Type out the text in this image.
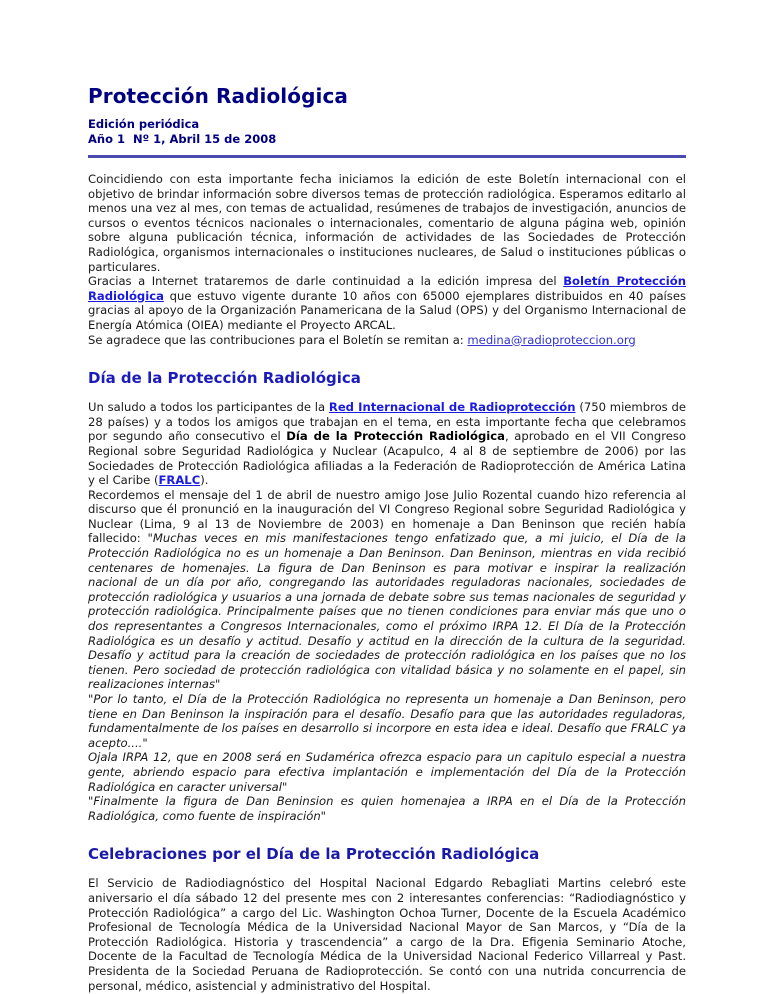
Protección Radiológica
Edición periódica
Año 1  Nº 1, Abril 15 de 2008

Coincidiendo con esta importante fecha iniciamos la edición de este Boletín internacional con el objetivo de brindar información sobre diversos temas de protección radiológica. Esperamos editarlo al menos una vez al mes, con temas de actualidad, resúmenes de trabajos de investigación, anuncios de cursos o eventos técnicos nacionales o internacionales, comentario de alguna página web, opinión sobre alguna publicación técnica, información de actividades de las Sociedades de Protección Radiológica, organismos internacionales o instituciones nucleares, de Salud o instituciones públicas o particulares.

Gracias a Internet trataremos de darle continuidad a la edición impresa del Boletín Protección Radiológica que estuvo vigente durante 10 años con 65000 ejemplares distribuidos en 40 países gracias al apoyo de la Organización Panamericana de la Salud (OPS) y del Organismo Internacional de Energía Atómica (OIEA) mediante el Proyecto ARCAL.

Se agradece que las contribuciones para el Boletín se remitan a: medina@radioproteccion.org

Día de la Protección Radiológica

Un saludo a todos los participantes de la Red Internacional de Radioprotección (750 miembros de 28 países) y a todos los amigos que trabajan en el tema, en esta importante fecha que celebramos por segundo año consecutivo el Día de la Protección Radiológica, aprobado en el VII Congreso Regional sobre Seguridad Radiológica y Nuclear (Acapulco, 4 al 8 de septiembre de 2006) por las Sociedades de Protección Radiológica afiliadas a la Federación de Radioprotección de América Latina y el Caribe (FRALC).

Recordemos el mensaje del 1 de abril de nuestro amigo Jose Julio Rozental cuando hizo referencia al discurso que él pronunció en la inauguración del VI Congreso Regional sobre Seguridad Radiológica y Nuclear (Lima, 9 al 13 de Noviembre de 2003) en homenaje a Dan Beninson que recién había fallecido: "Muchas veces en mis manifestaciones tengo enfatizado que, a mi juicio, el Día de la Protección Radiológica no es un homenaje a Dan Beninson. Dan Beninson, mientras en vida recibió centenares de homenajes. La figura de Dan Beninson es para motivar e inspirar la realización nacional de un día por año, congregando las autoridades reguladoras nacionales, sociedades de protección radiológica y usuarios a una jornada de debate sobre sus temas nacionales de seguridad y protección radiológica. Principalmente países que no tienen condiciones para enviar más que uno o dos representantes a Congresos Internacionales, como el próximo IRPA 12. El Día de la Protección Radiológica es un desafío y actitud. Desafío y actitud en la dirección de la cultura de la seguridad. Desafío y actitud para la creación de sociedades de protección radiológica en los países que no los tienen. Pero sociedad de protección radiológica con vitalidad básica y no solamente en el papel, sin realizaciones internas"

"Por lo tanto, el Día de la Protección Radiológica no representa un homenaje a Dan Beninson, pero tiene en Dan Beninson la inspiración para el desafío. Desafío para que las autoridades reguladoras, fundamentalmente de los países en desarrollo si incorpore en esta idea e ideal. Desafío que FRALC ya acepto...."

Ojala IRPA 12, que en 2008 será en Sudamérica ofrezca espacio para un capitulo especial a nuestra gente, abriendo espacio para efectiva implantación e implementación del Día de la Protección Radiológica en caracter universal"

"Finalmente la figura de Dan Beninsion es quien homenajea a IRPA en el Día de la Protección Radiológica, como fuente de inspiración"

Celebraciones por el Día de la Protección Radiológica

El Servicio de Radiodiagnóstico del Hospital Nacional Edgardo Rebagliati Martins celebró este aniversario el día sábado 12 del presente mes con 2 interesantes conferencias: “Radiodiagnóstico y Protección Radiológica” a cargo del Lic. Washington Ochoa Turner, Docente de la Escuela Académico Profesional de Tecnología Médica de la Universidad Nacional Mayor de San Marcos, y “Día de la Protección Radiológica. Historia y trascendencia” a cargo de la Dra. Efigenia Seminario Atoche, Docente de la Facultad de Tecnología Médica de la Universidad Nacional Federico Villarreal y Past. Presidenta de la Sociedad Peruana de Radioprotección. Se contó con una nutrida concurrencia de personal, médico, asistencial y administrativo del Hospital.
